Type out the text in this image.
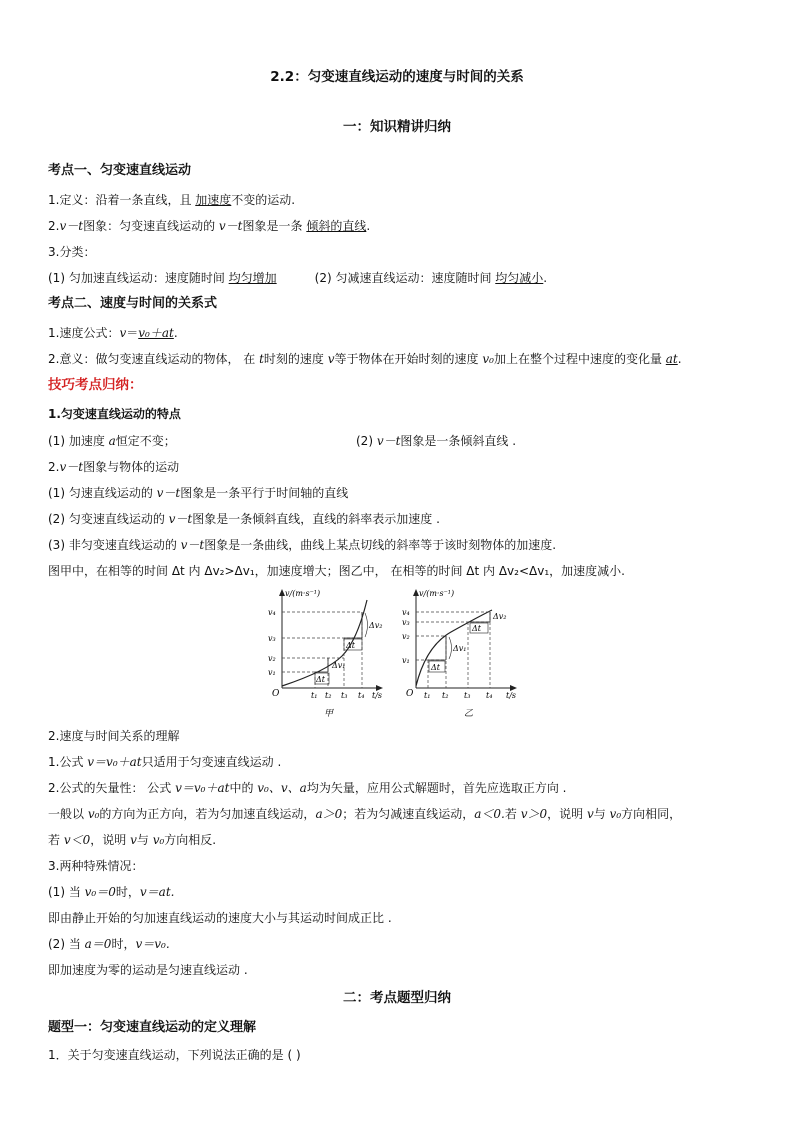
2.2：匀变速直线运动的速度与时间的关系
一：知识精讲归纳
考点一、匀变速直线运动
1.定义：沿着一条直线，且 加速度不变的运动.
2.v－t图象：匀变速直线运动的 v－t图象是一条 倾斜的直线.
3.分类：
(1) 匀加速直线运动：速度随时间 均匀增加	(2) 匀减速直线运动：速度随时间 均匀减小.
考点二、速度与时间的关系式
1.速度公式：v＝v₀＋at.
2.意义：做匀变速直线运动的物体， 在 t时刻的速度 v等于物体在开始时刻的速度 v₀加上在整个过程中速度的变化量 at.
技巧考点归纳：
1.匀变速直线运动的特点
(1) 加速度 a恒定不变；	(2) v－t图象是一条倾斜直线 .
2.v－t图象与物体的运动
(1) 匀速直线运动的 v－t图象是一条平行于时间轴的直线
(2) 匀变速直线运动的 v－t图象是一条倾斜直线，直线的斜率表示加速度 .
(3) 非匀变速直线运动的 v－t图象是一条曲线，曲线上某点切线的斜率等于该时刻物体的加速度.
图甲中，在相等的时间 Δt 内 Δv₂>Δv₁，加速度增大；图乙中， 在相等的时间 Δt 内 Δv₂<Δv₁，加速度减小.
v/(m·s⁻¹)
t/s
O
v₄
v₃
v₂
v₁
t₁ t₂ t₃ t₄
Δv₂
Δv₁
Δt
Δt
甲
v/(m·s⁻¹)
t/s
O
v₄
v₃
v₂
v₁
t₁ t₂ t₃ t₄
Δv₂
Δv₁
Δt
Δt
乙
2.速度与时间关系的理解
1.公式 v＝v₀＋at只适用于匀变速直线运动 .
2.公式的矢量性： 公式 v＝v₀＋at中的 v₀、v、a均为矢量，应用公式解题时，首先应选取正方向 .
一般以 v₀的方向为正方向，若为匀加速直线运动，a＞0；若为匀减速直线运动，a＜0.若 v＞0，说明 v与 v₀方向相同，
若 v＜0，说明 v与 v₀方向相反.
3.两种特殊情况：
(1) 当 v₀＝0时，v＝at.
即由静止开始的匀加速直线运动的速度大小与其运动时间成正比 .
(2) 当 a＝0时，v＝v₀.
即加速度为零的运动是匀速直线运动 .
二：考点题型归纳
题型一：匀变速直线运动的定义理解
1．关于匀变速直线运动，下列说法正确的是 ( )
